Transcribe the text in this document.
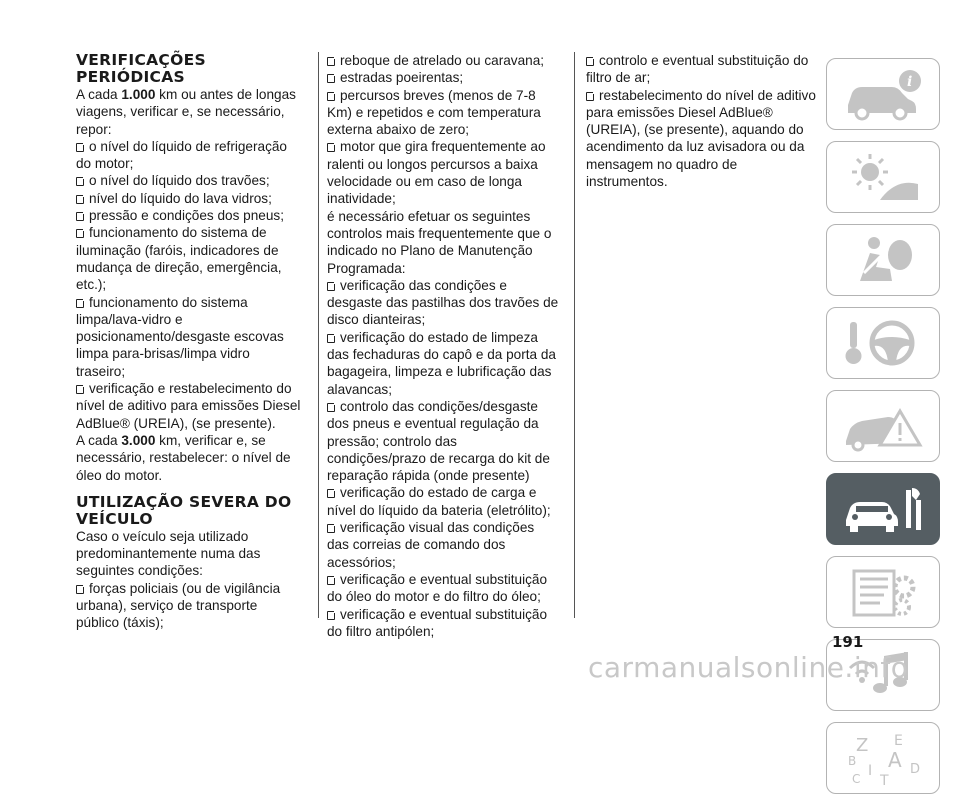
VERIFICAÇÕES PERIÓDICAS

A cada 1.000 km ou antes de longas viagens, verificar e, se necessário, repor:

o nível do líquido de refrigeração do motor;

o nível do líquido dos travões;

nível do líquido do lava vidros;

pressão e condições dos pneus;

funcionamento do sistema de iluminação (faróis, indicadores de mudança de direção, emergência, etc.);

funcionamento do sistema limpa/lava-vidro e posicionamento/desgaste escovas limpa para-brisas/limpa vidro traseiro;

verificação e restabelecimento do nível de aditivo para emissões Diesel AdBlue® (UREIA), (se presente).

A cada 3.000 km, verificar e, se necessário, restabelecer: o nível de óleo do motor.

UTILIZAÇÃO SEVERA DO VEÍCULO

Caso o veículo seja utilizado predominantemente numa das seguintes condições:

forças policiais (ou de vigilância urbana), serviço de transporte público (táxis);

reboque de atrelado ou caravana;

estradas poeirentas;

percursos breves (menos de 7-8 Km) e repetidos e com temperatura externa abaixo de zero;

motor que gira frequentemente ao ralenti ou longos percursos a baixa velocidade ou em caso de longa inatividade;

é necessário efetuar os seguintes controlos mais frequentemente que o indicado no Plano de Manutenção Programada:

verificação das condições e desgaste das pastilhas dos travões de disco dianteiras;

verificação do estado de limpeza das fechaduras do capô e da porta da bagageira, limpeza e lubrificação das alavancas;

controlo das condições/desgaste dos pneus e eventual regulação da pressão; controlo das condições/prazo de recarga do kit de reparação rápida (onde presente)

verificação do estado de carga e nível do líquido da bateria (eletrólito);

verificação visual das condições das correias de comando dos acessórios;

verificação e eventual substituição do óleo do motor e do filtro do óleo;

verificação e eventual substituição do filtro antipólen;

controlo e eventual substituição do filtro de ar;

restabelecimento do nível de aditivo para emissões Diesel AdBlue® (UREIA), (se presente), aquando do acendimento da luz avisadora ou da mensagem no quadro de instrumentos.

i
Z E
B A
I
C
D
T
191
carmanualsonline.info
